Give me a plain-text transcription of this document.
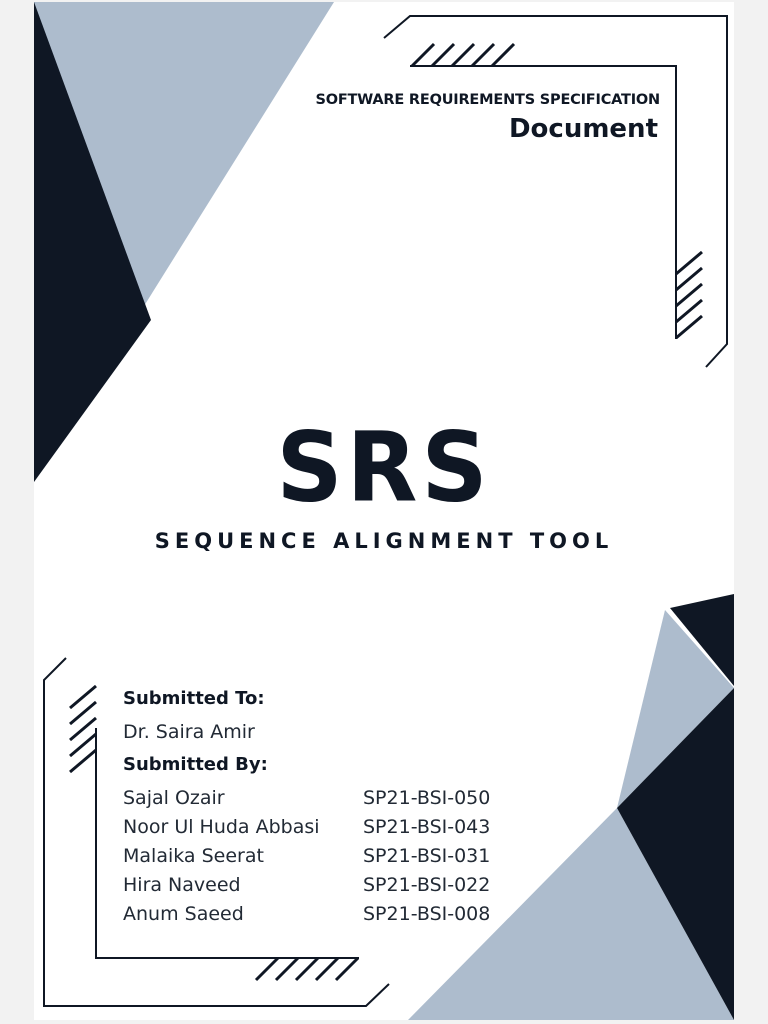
SOFTWARE REQUIREMENTS SPECIFICATION
Document
SRS
SEQUENCE ALIGNMENT TOOL
Submitted To:
Dr. Saira Amir
Submitted By:
Sajal Ozair	SP21-BSI-050
Noor Ul Huda Abbasi	SP21-BSI-043
Malaika Seerat	SP21-BSI-031
Hira Naveed	SP21-BSI-022
Anum Saeed	SP21-BSI-008
